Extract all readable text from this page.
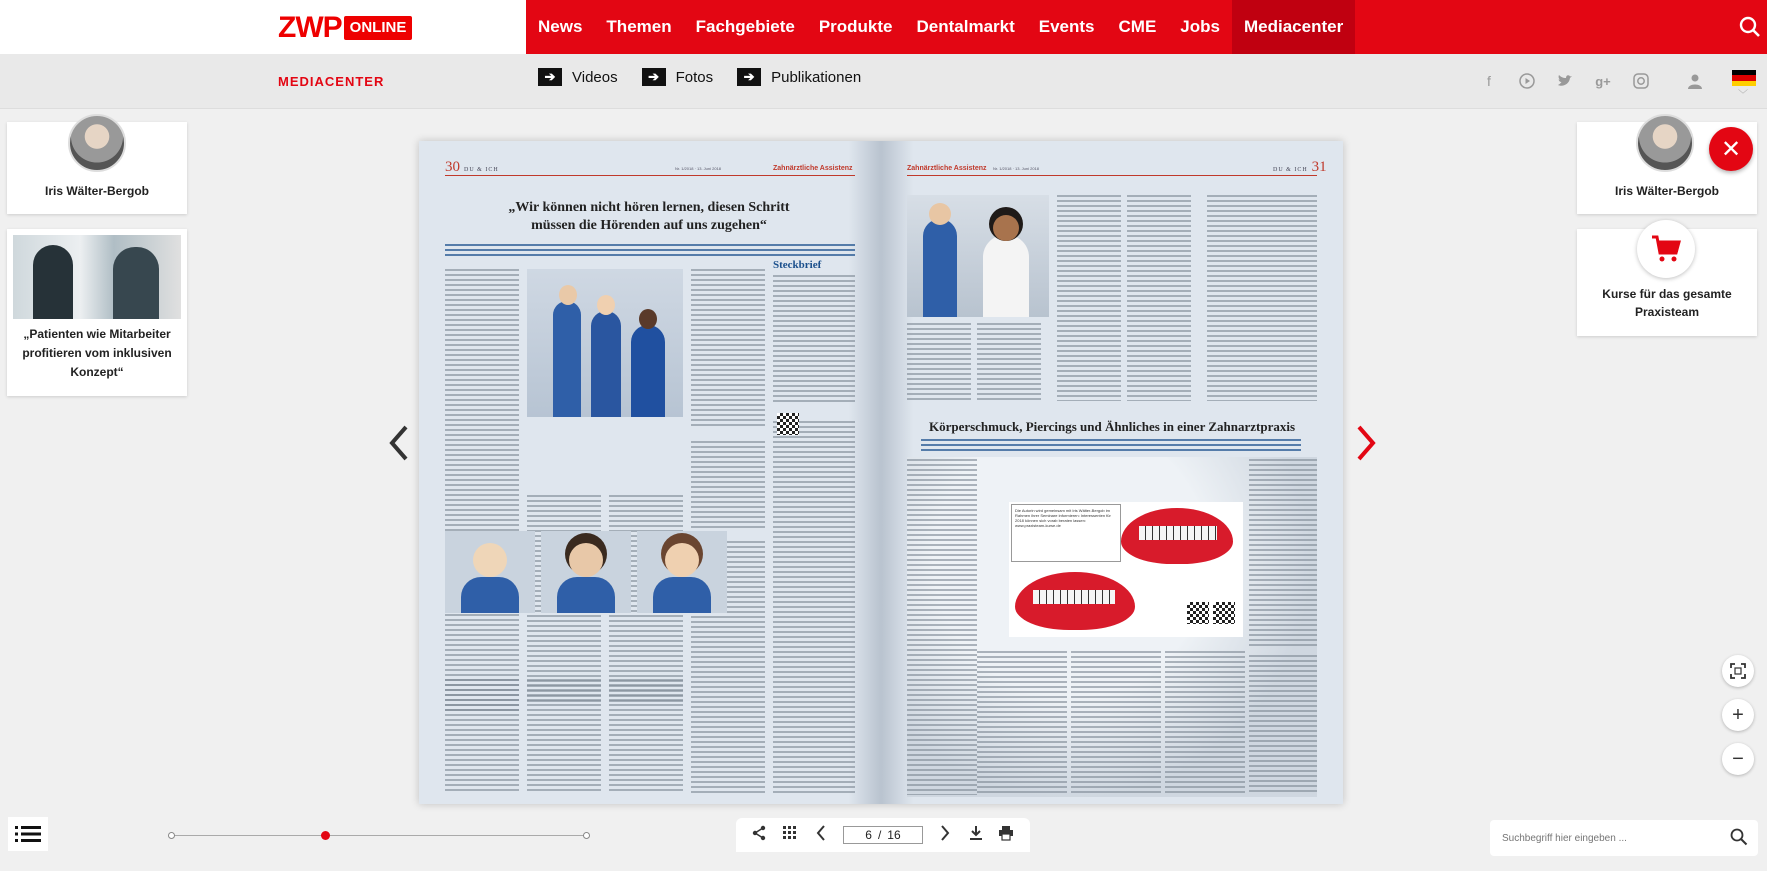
ZWP ONLINE	News	Themen	Fachgebiete	Produkte	Dentalmarkt	Events	CME	Jobs	Mediacenter
MEDIACENTER	➔	Videos	➔	Fotos	➔	Publikationen	f	g+
﹀
Iris Wälter-Bergob
„Patienten wie Mitarbeiter profitieren vom inklusiven Konzept“
Iris Wälter-Bergob
✕
Kurse für das gesamte Praxisteam
30 DU & ICH	Nr. 1/2018 · 13. Juni 2018	Zahnärztliche Assistenz
„Wir können nicht hören lernen, diesen Schritt müssen die Hörenden auf uns zugehen“
Steckbrief
Zahnärztliche Assistenz Nr. 1/2018 · 13. Juni 2018	DU & ICH 31
Körperschmuck, Piercings und Ähnliches in einer Zahnarztpraxis
Die Autorin wird gemeinsam mit Iris Wälter-Bergob im Rahmen ihrer Seminare informieren: Interessenten für 2018 können sich vorab beraten lassen: www.praxisteam-kurse.de
+
−
6 / 16
Suchbegriff hier eingeben ...
